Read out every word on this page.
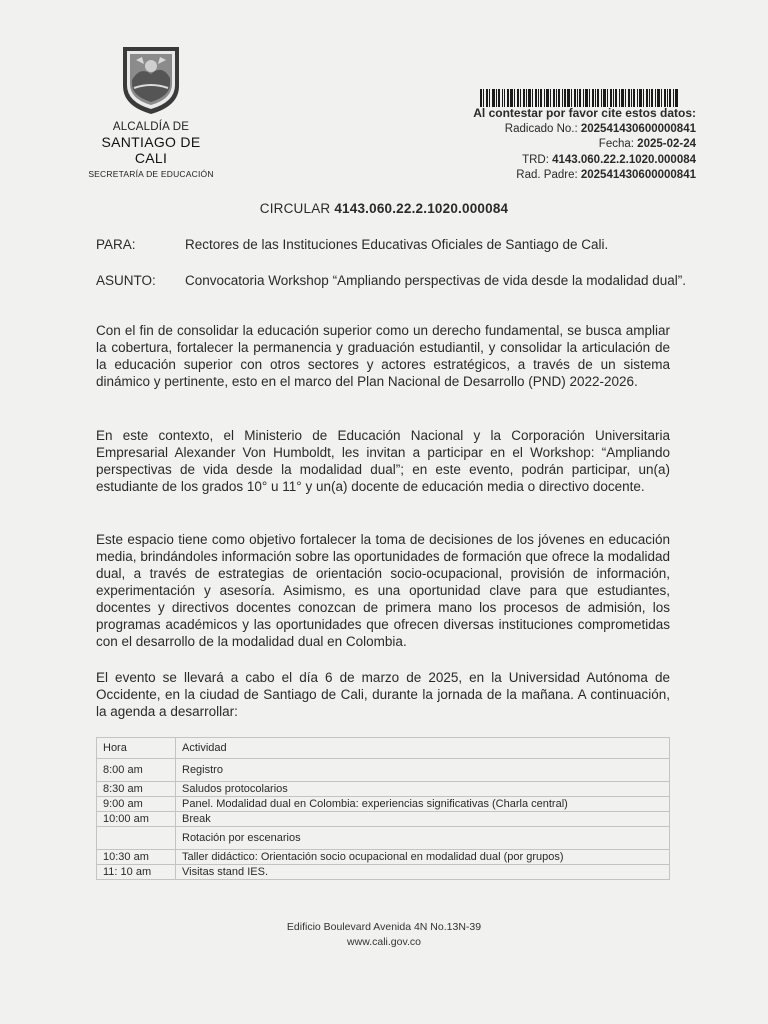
ALCALDÍA DE
SANTIAGO DE CALI
SECRETARÍA DE EDUCACIÓN
Al contestar por favor cite estos datos:
Radicado No.: 202541430600000841
Fecha: 2025-02-24
TRD: 4143.060.22.2.1020.000084
Rad. Padre: 202541430600000841
CIRCULAR 4143.060.22.2.1020.000084
PARA:	Rectores de las Instituciones Educativas Oficiales de Santiago de Cali.
ASUNTO:	Convocatoria Workshop “Ampliando perspectivas de vida desde la modalidad dual”.
Con el fin de consolidar la educación superior como un derecho fundamental, se busca ampliar la cobertura, fortalecer la permanencia y graduación estudiantil, y consolidar la articulación de la educación superior con otros sectores y actores estratégicos, a través de un sistema dinámico y pertinente, esto en el marco del Plan Nacional de Desarrollo (PND) 2022-2026.
En este contexto, el Ministerio de Educación Nacional y la Corporación Universitaria Empresarial Alexander Von Humboldt, les invitan a participar en el Workshop: “Ampliando perspectivas de vida desde la modalidad dual”; en este evento, podrán participar, un(a) estudiante de los grados 10° u 11° y un(a) docente de educación media o directivo docente.
Este espacio tiene como objetivo fortalecer la toma de decisiones de los jóvenes en educación media, brindándoles información sobre las oportunidades de formación que ofrece la modalidad dual, a través de estrategias de orientación socio-ocupacional, provisión de información, experimentación y asesoría. Asimismo, es una oportunidad clave para que estudiantes, docentes y directivos docentes conozcan de primera mano los procesos de admisión, los programas académicos y las oportunidades que ofrecen diversas instituciones comprometidas con el desarrollo de la modalidad dual en Colombia.
El evento se llevará a cabo el día 6 de marzo de 2025, en la Universidad Autónoma de Occidente, en la ciudad de Santiago de Cali, durante la jornada de la mañana. A continuación, la agenda a desarrollar:
Hora	Actividad
8:00 am	Registro
8:30 am	Saludos protocolarios
9:00 am	Panel. Modalidad dual en Colombia: experiencias significativas (Charla central)
10:00 am	Break
	Rotación por escenarios
10:30 am	Taller didáctico: Orientación socio ocupacional en modalidad dual (por grupos)
11: 10 am	Visitas stand IES.
Edificio Boulevard Avenida 4N No.13N-39
www.cali.gov.co
